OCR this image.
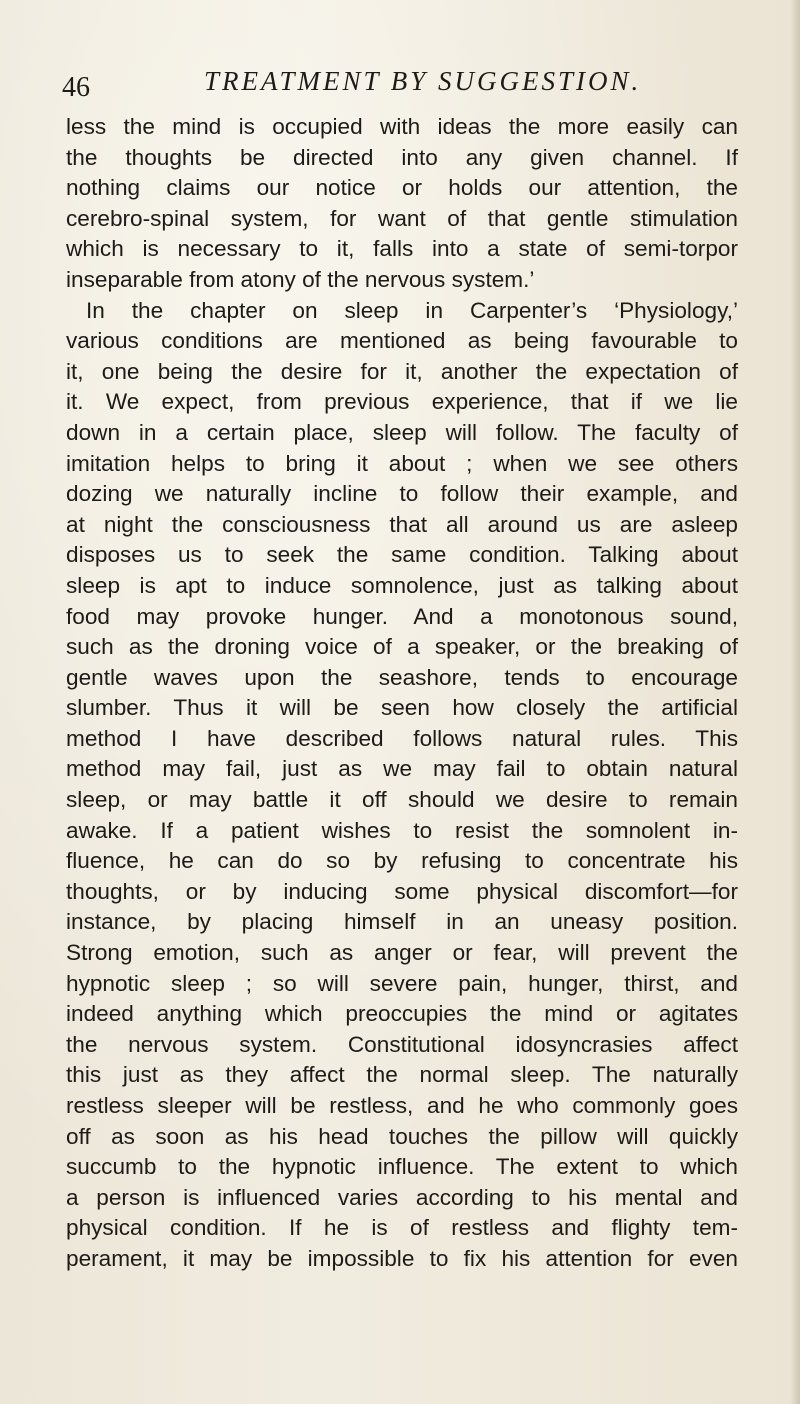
46	TREATMENT BY SUGGESTION.
less the mind is occupied with ideas the more easily can
the thoughts be directed into any given channel. If
nothing claims our notice or holds our attention, the
cerebro-spinal system, for want of that gentle stimulation
which is necessary to it, falls into a state of semi-torpor
inseparable from atony of the nervous system.’
In the chapter on sleep in Carpenter’s ‘Physiology,’
various conditions are mentioned as being favourable to
it, one being the desire for it, another the expectation of
it. We expect, from previous experience, that if we lie
down in a certain place, sleep will follow. The faculty of
imitation helps to bring it about ; when we see others
dozing we naturally incline to follow their example, and
at night the consciousness that all around us are asleep
disposes us to seek the same condition. Talking about
sleep is apt to induce somnolence, just as talking about
food may provoke hunger. And a monotonous sound,
such as the droning voice of a speaker, or the breaking of
gentle waves upon the seashore, tends to encourage
slumber. Thus it will be seen how closely the artificial
method I have described follows natural rules. This
method may fail, just as we may fail to obtain natural
sleep, or may battle it off should we desire to remain
awake. If a patient wishes to resist the somnolent in-
fluence, he can do so by refusing to concentrate his
thoughts, or by inducing some physical discomfort—for
instance, by placing himself in an uneasy position.
Strong emotion, such as anger or fear, will prevent the
hypnotic sleep ; so will severe pain, hunger, thirst, and
indeed anything which preoccupies the mind or agitates
the nervous system. Constitutional idosyncrasies affect
this just as they affect the normal sleep. The naturally
restless sleeper will be restless, and he who commonly goes
off as soon as his head touches the pillow will quickly
succumb to the hypnotic influence. The extent to which
a person is influenced varies according to his mental and
physical condition. If he is of restless and flighty tem-
perament, it may be impossible to fix his attention for even
